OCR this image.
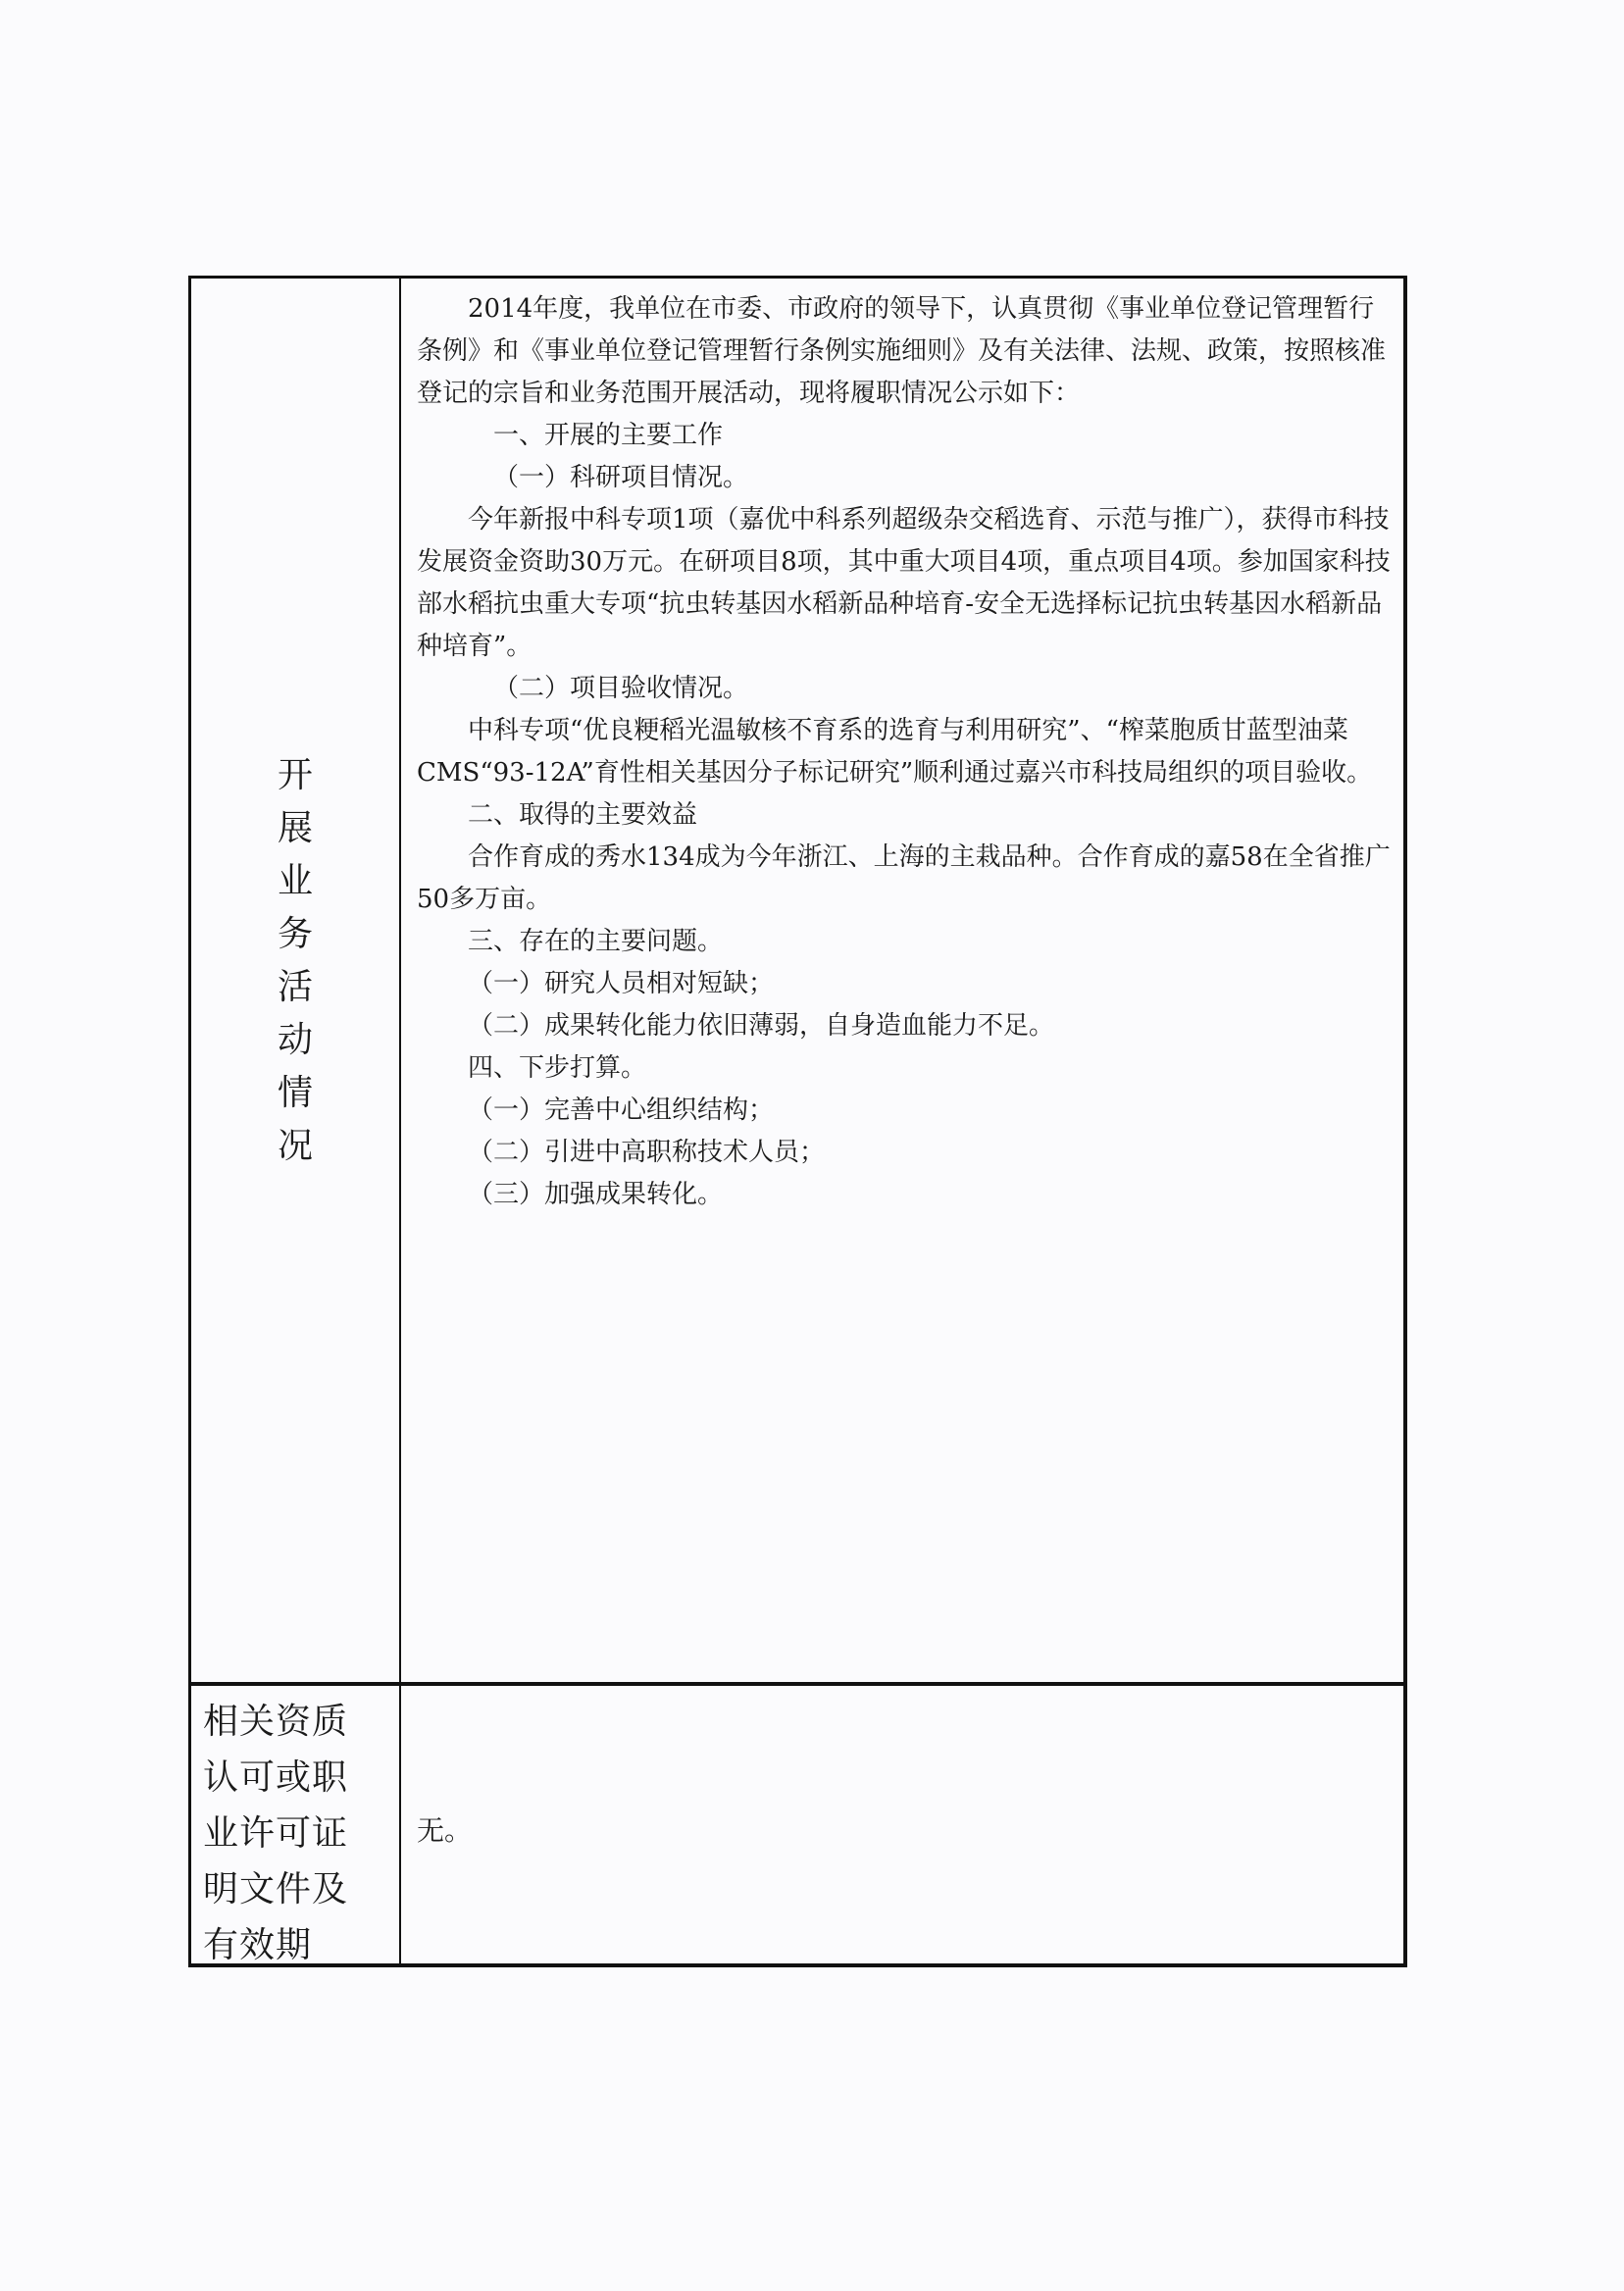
开
展
业
务
活
动
情
况

2014年度，我单位在市委、市政府的领导下，认真贯彻《事业单位登记管理暂行条例》和《事业单位登记管理暂行条例实施细则》及有关法律、法规、政策，按照核准登记的宗旨和业务范围开展活动，现将履职情况公示如下：

一、开展的主要工作

（一）科研项目情况。

今年新报中科专项1项（嘉优中科系列超级杂交稻选育、示范与推广），获得市科技发展资金资助30万元。在研项目8项，其中重大项目4项，重点项目4项。参加国家科技部水稻抗虫重大专项“抗虫转基因水稻新品种培育-安全无选择标记抗虫转基因水稻新品种培育”。

（二）项目验收情况。

中科专项“优良粳稻光温敏核不育系的选育与利用研究”、“榨菜胞质甘蓝型油菜CMS“93-12A”育性相关基因分子标记研究”顺利通过嘉兴市科技局组织的项目验收。

二、取得的主要效益

合作育成的秀水134成为今年浙江、上海的主栽品种。合作育成的嘉58在全省推广50多万亩。

三、存在的主要问题。

（一）研究人员相对短缺；

（二）成果转化能力依旧薄弱，自身造血能力不足。

四、下步打算。

（一）完善中心组织结构；

（二）引进中高职称技术人员；

（三）加强成果转化。

相关资质
认可或职
业许可证
明文件及
有效期
无。
